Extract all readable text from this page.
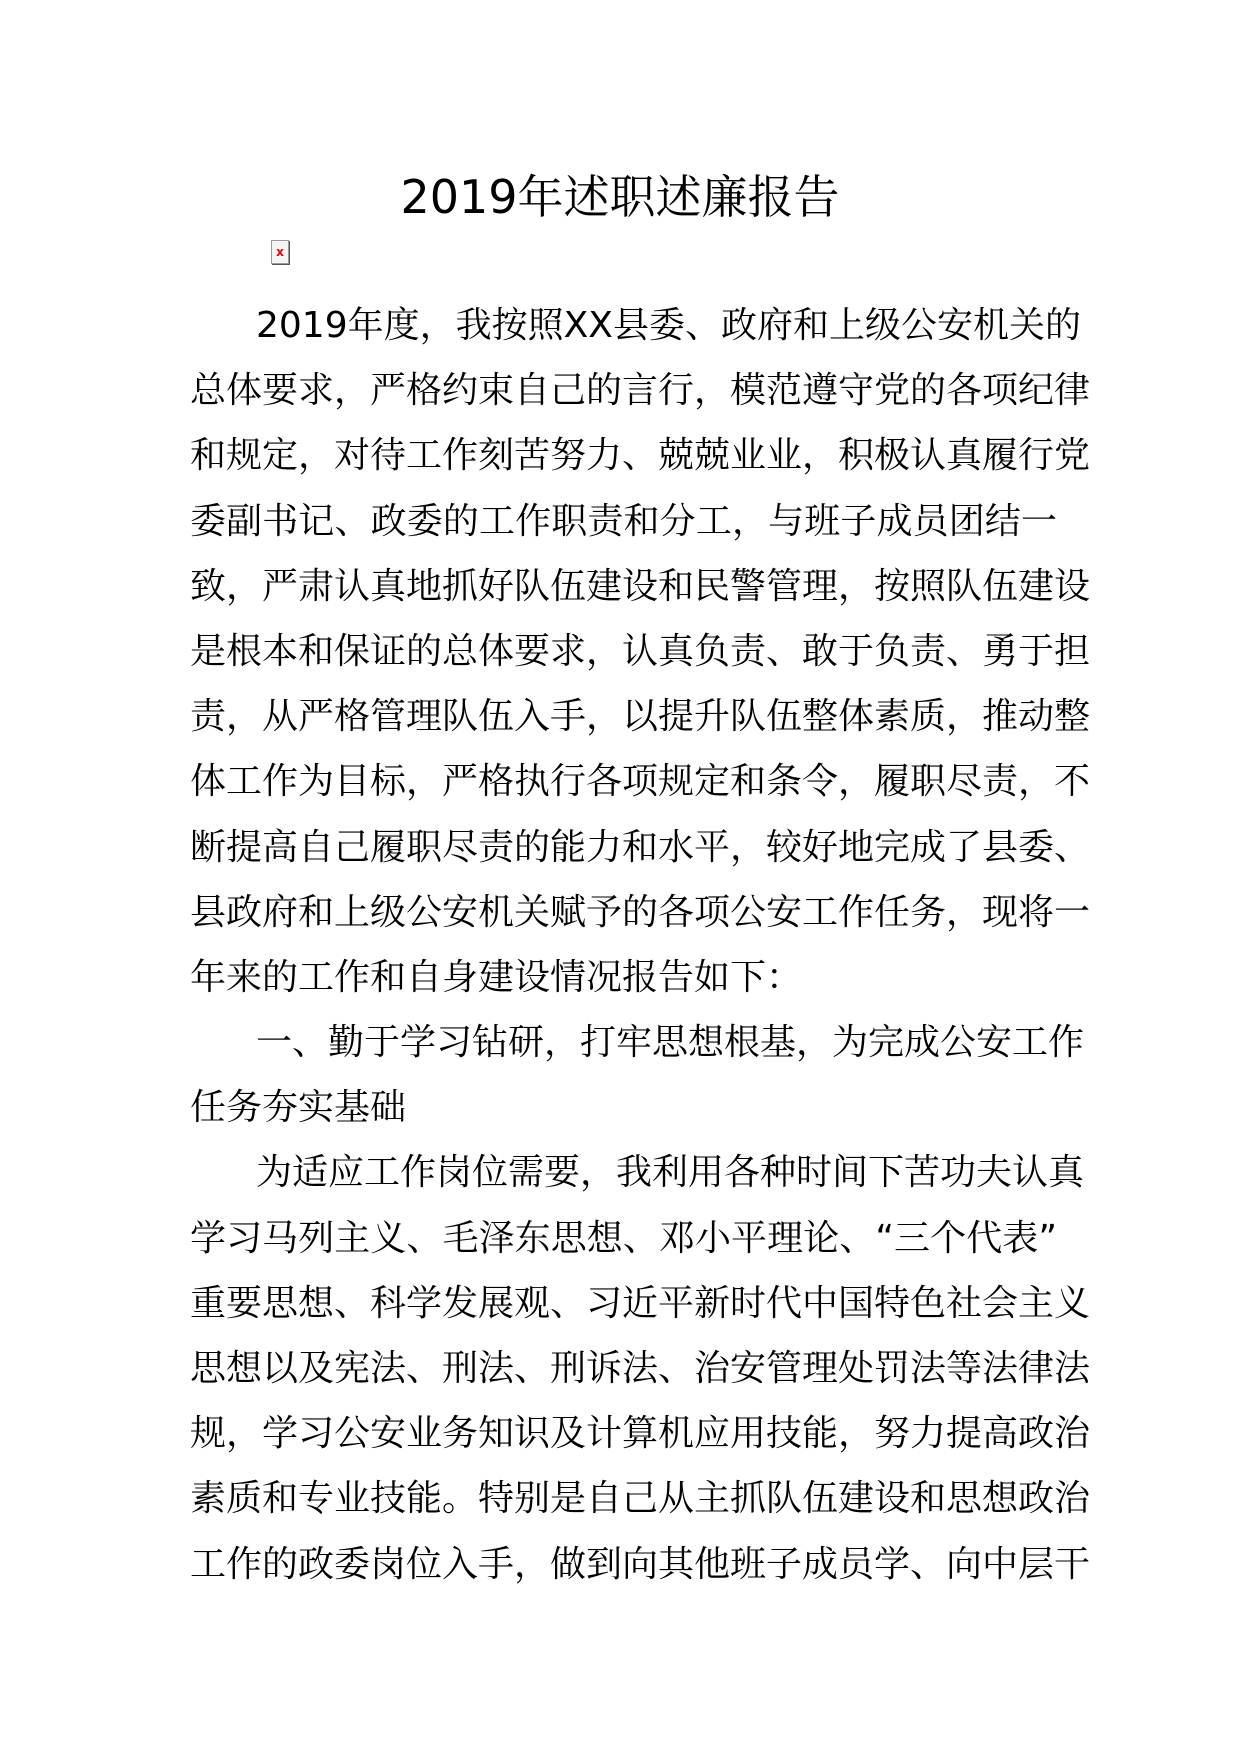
2019年述职述廉报告
x
2019年度，我按照XX县委、政府和上级公安机关的
总体要求，严格约束自己的言行，模范遵守党的各项纪律
和规定，对待工作刻苦努力、兢兢业业，积极认真履行党
委副书记、政委的工作职责和分工，与班子成员团结一
致，严肃认真地抓好队伍建设和民警管理，按照队伍建设
是根本和保证的总体要求，认真负责、敢于负责、勇于担
责，从严格管理队伍入手，以提升队伍整体素质，推动整
体工作为目标，严格执行各项规定和条令，履职尽责，不
断提高自己履职尽责的能力和水平，较好地完成了县委、
县政府和上级公安机关赋予的各项公安工作任务，现将一
年来的工作和自身建设情况报告如下：
一、勤于学习钻研，打牢思想根基，为完成公安工作
任务夯实基础
为适应工作岗位需要，我利用各种时间下苦功夫认真
学习马列主义、毛泽东思想、邓小平理论、“三个代表”
重要思想、科学发展观、习近平新时代中国特色社会主义
思想以及宪法、刑法、刑诉法、治安管理处罚法等法律法
规，学习公安业务知识及计算机应用技能，努力提高政治
素质和专业技能。特别是自己从主抓队伍建设和思想政治
工作的政委岗位入手，做到向其他班子成员学、向中层干
